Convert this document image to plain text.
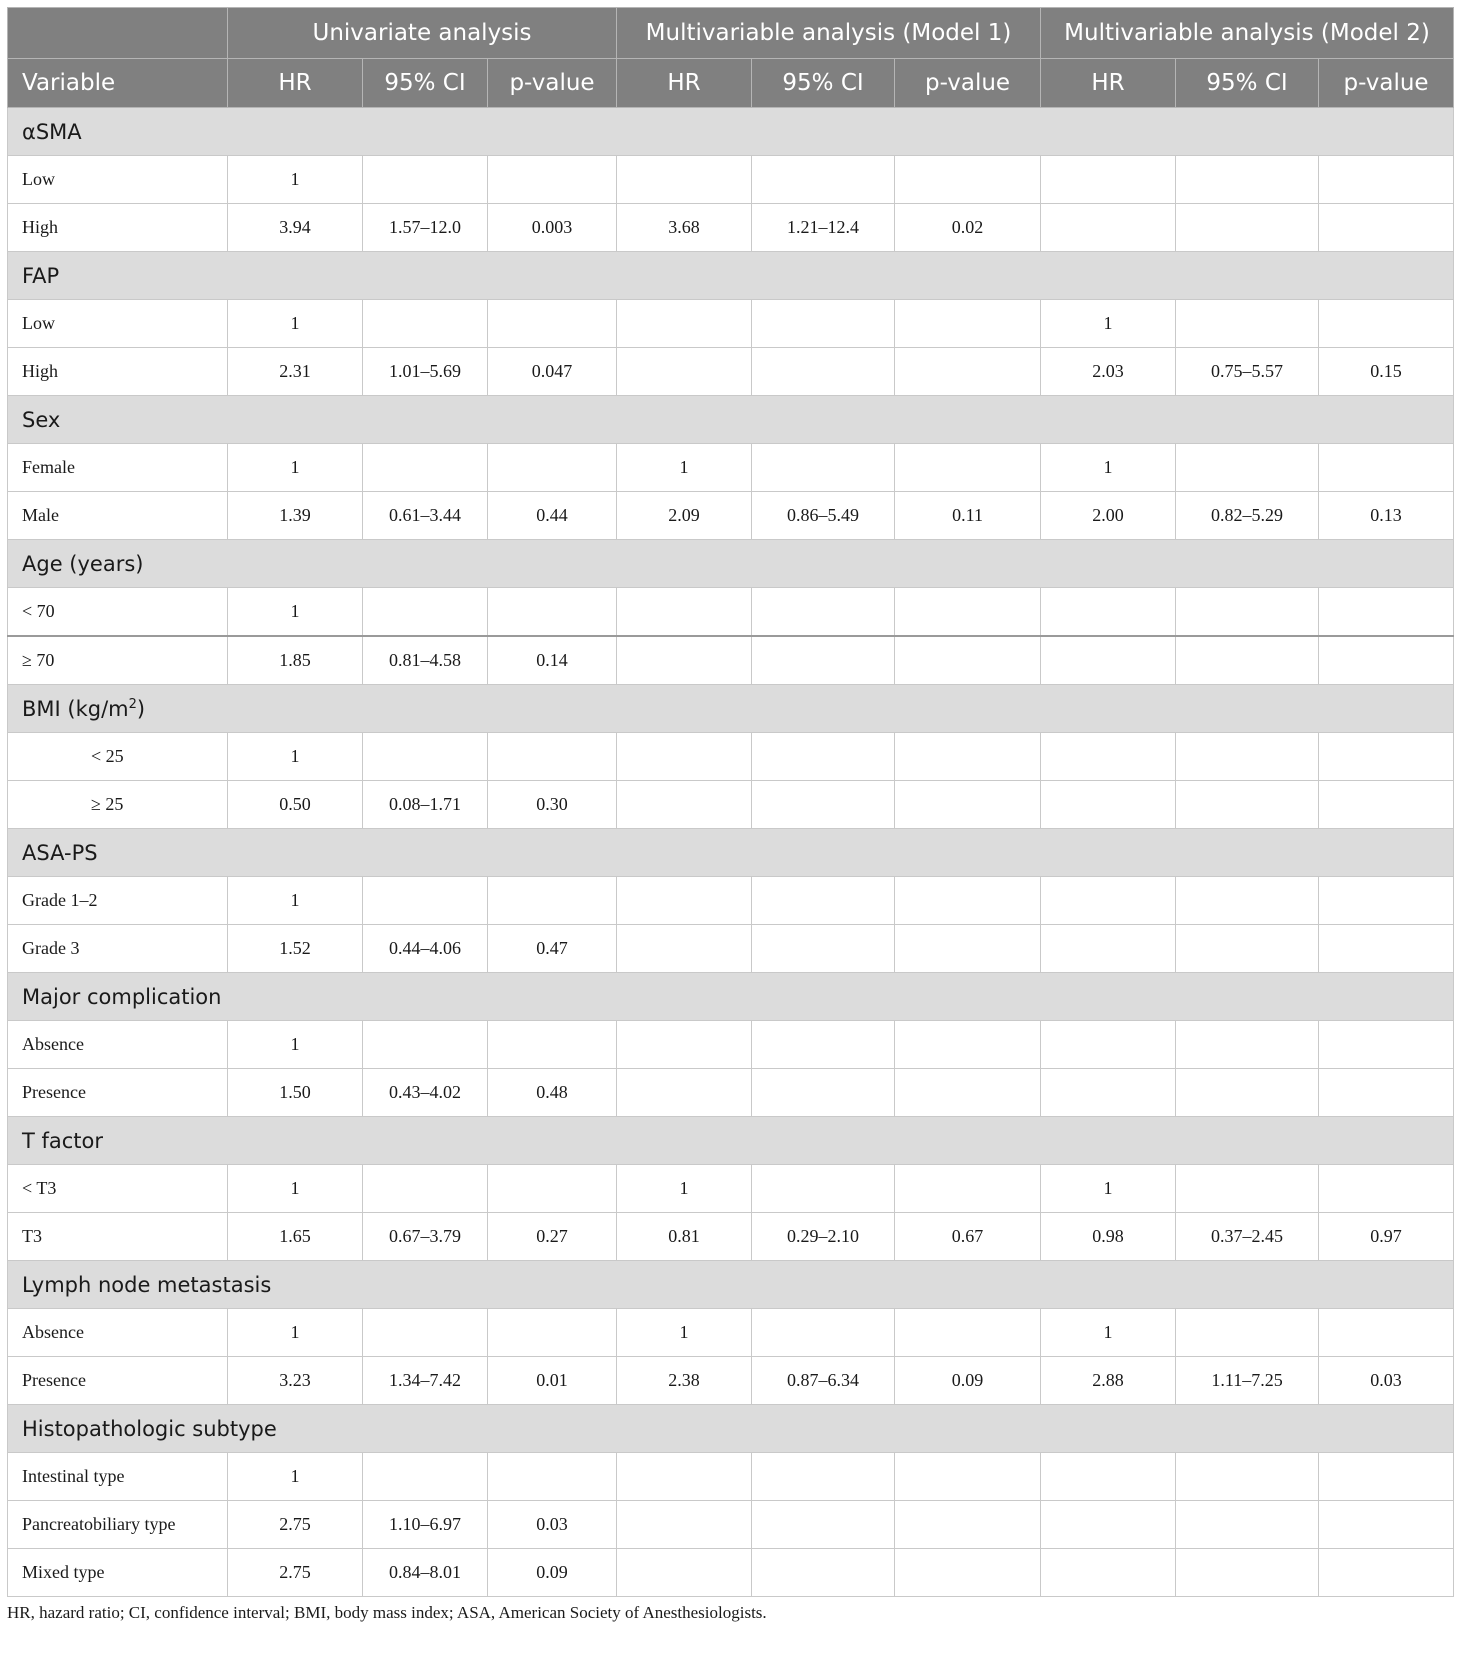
	Univariate analysis			Multivariable analysis (Model 1)			Multivariable analysis (Model 2)		
Variable	HR	95% CI	p-value	HR	95% CI	p-value	HR	95% CI	p-value
αSMA									
Low	1								
High	3.94	1.57–12.0	0.003	3.68	1.21–12.4	0.02			
FAP									
Low	1						1		
High	2.31	1.01–5.69	0.047				2.03	0.75–5.57	0.15
Sex									
Female	1			1			1		
Male	1.39	0.61–3.44	0.44	2.09	0.86–5.49	0.11	2.00	0.82–5.29	0.13
Age (years)									
< 70	1								
≥ 70	1.85	0.81–4.58	0.14						
BMI $(kg/m^2)$									
< 25	1								
≥ 25	0.50	0.08–1.71	0.30						
ASA-PS									
Grade 1–2	1								
Grade 3	1.52	0.44–4.06	0.47						
Major complication									
Absence	1								
Presence	1.50	0.43–4.02	0.48						
T factor									
< T3	1			1			1		
T3	1.65	0.67–3.79	0.27	0.81	0.29–2.10	0.67	0.98	0.37–2.45	0.97
Lymph node metastasis									
Absence	1			1			1		
Presence	3.23	1.34–7.42	0.01	2.38	0.87–6.34	0.09	2.88	1.11–7.25	0.03
Histopathologic subtype									
Intestinal type	1								
Pancreatobiliary type	2.75	1.10–6.97	0.03						
Mixed type	2.75	0.84–8.01	0.09						
HR, hazard ratio; CI, confidence interval; BMI, body mass index; ASA, American Society of Anesthesiologists.
